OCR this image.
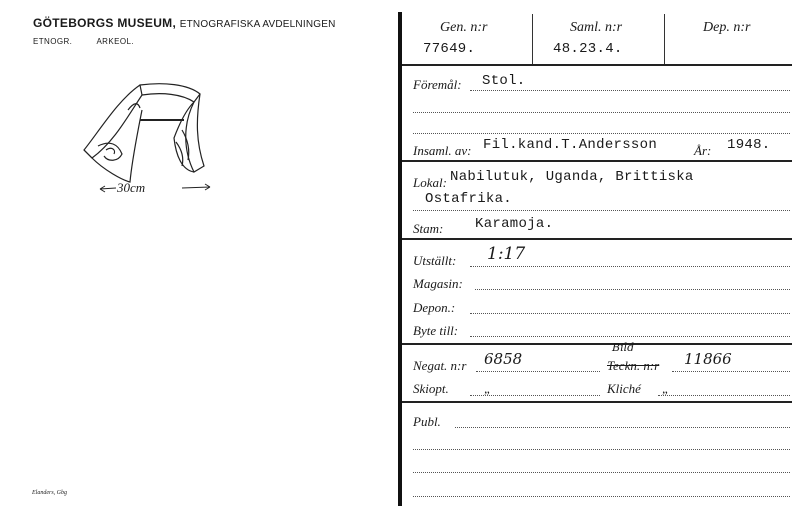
GÖTEBORGS MUSEUM, ETNOGRAFISKA AVDELNINGEN
ETNOGR.	ARKEOL.
30cm
Elanders, Gbg
Gen. n:r	Saml. n:r	Dep. n:r
77649.	48.23.4.
Föremål: Stol.
Insaml. av: Fil.kand.T.Andersson	År: 1948.
Lokal: Nabilutuk, Uganda, Brittiska
Ostafrika.
Stam: Karamoja.
Utställt: 1:17
Magasin:
Depon.:
Byte till:
Negat. n:r 6858
Bild
Teckn. n:r 11866
Skiopt.	„	Kliché „
Publ.
